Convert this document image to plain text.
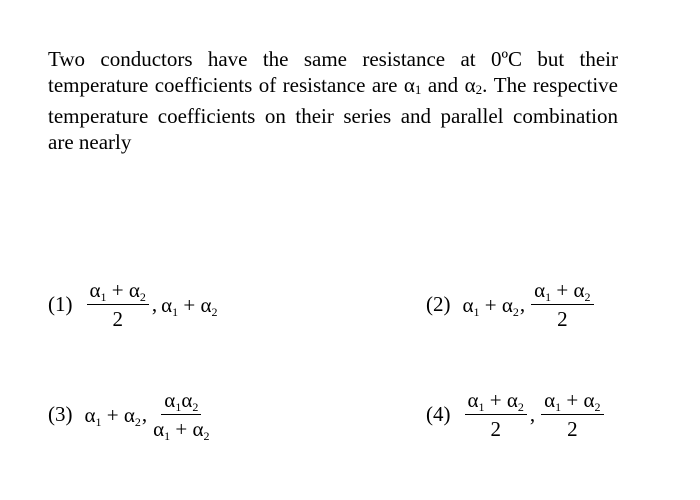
Two conductors have the same resistance at 0ºC but their temperature coefficients of resistance are α1 and α2. The respective temperature coefficients on their series and parallel combination are nearly
$(1) \frac{\alpha_1 + \alpha_2}{2}$ , $\alpha_1 + \alpha_2$	(2) $\alpha_1 + \alpha_2$ , $\frac{\alpha_1 + \alpha_2}{2}$
(3) $\alpha_1 + \alpha_2$ , $\frac{\alpha_1\alpha_2}{\alpha_1 + \alpha_2}$	$(4) \frac{\alpha_1 + \alpha_2}{2}$ , $\frac{\alpha_1 + \alpha_2}{2}$
